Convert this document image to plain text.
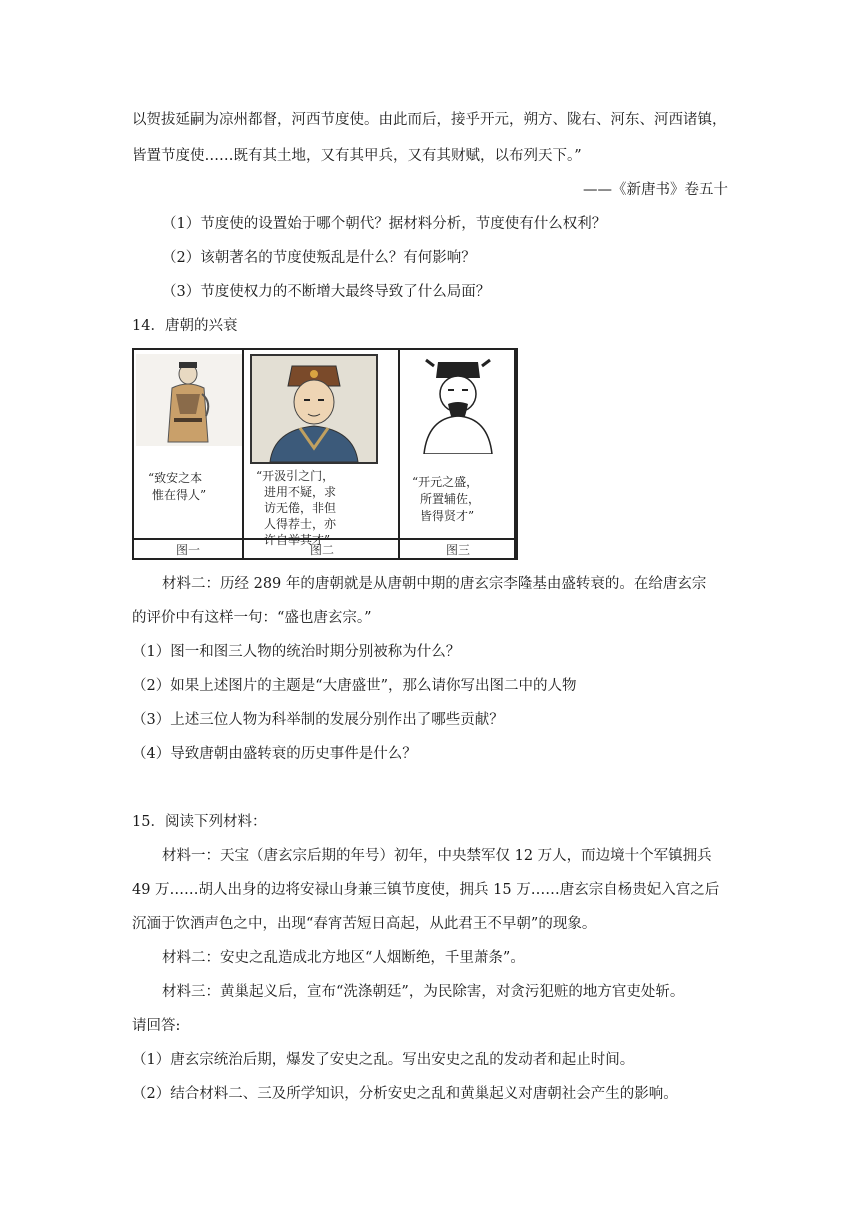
以贺拔延嗣为凉州都督，河西节度使。由此而后，接乎开元，朔方、陇右、河东、河西诸镇，
皆置节度使……既有其土地，又有其甲兵，又有其财赋，以布列天下。”
——《新唐书》卷五十
（1）节度使的设置始于哪个朝代？据材料分析，节度使有什么权利？
（2）该朝著名的节度使叛乱是什么？有何影响？
（3）节度使权力的不断增大最终导致了什么局面？
14．唐朝的兴衰
“致安之本
惟在得人”
“开汲引之门，
进用不疑，求
访无倦，非但
人得荐士，亦
许自举其才”
“开元之盛，
所置辅佐，
皆得贤才”
图一	图二	图三
材料二：历经 289 年的唐朝就是从唐朝中期的唐玄宗李隆基由盛转衰的。在给唐玄宗
的评价中有这样一句：“盛也唐玄宗。”
（1）图一和图三人物的统治时期分别被称为什么？
（2）如果上述图片的主题是“大唐盛世”，那么请你写出图二中的人物
（3）上述三位人物为科举制的发展分别作出了哪些贡献？
（4）导致唐朝由盛转衰的历史事件是什么？
15．阅读下列材料：
材料一：天宝（唐玄宗后期的年号）初年，中央禁军仅 12 万人，而边境十个军镇拥兵
49 万……胡人出身的边将安禄山身兼三镇节度使，拥兵 15 万……唐玄宗自杨贵妃入宫之后
沉湎于饮酒声色之中，出现“春宵苦短日高起，从此君王不早朝”的现象。
材料二：安史之乱造成北方地区“人烟断绝，千里萧条”。
材料三：黄巢起义后，宣布“洗涤朝廷”，为民除害，对贪污犯赃的地方官吏处斩。
请回答:
（1）唐玄宗统治后期，爆发了安史之乱。写出安史之乱的发动者和起止时间。
（2）结合材料二、三及所学知识，分析安史之乱和黄巢起义对唐朝社会产生的影响。
